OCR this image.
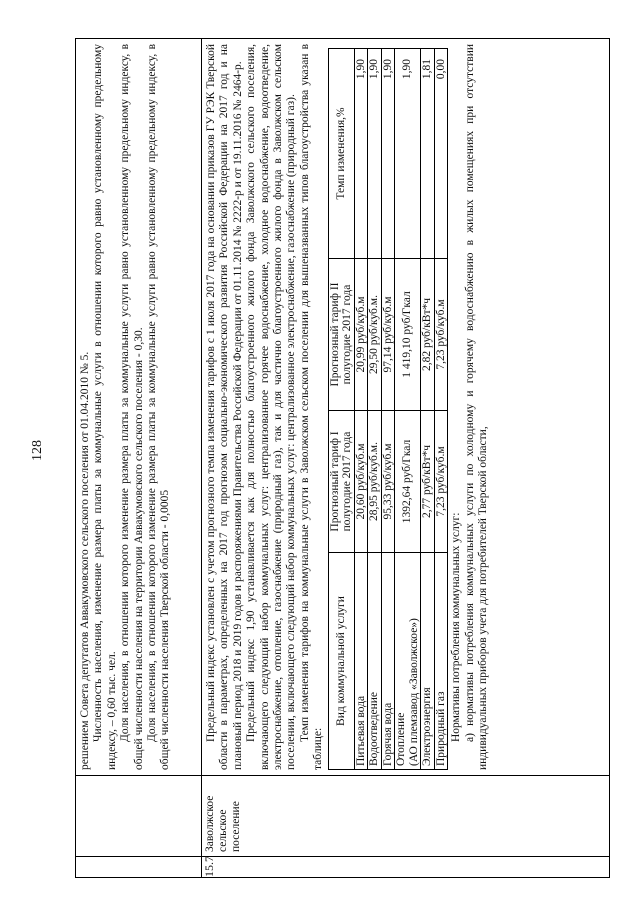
128
			решением Совета депутатов Аввакумовского сельского поселения от 01.04.2010 № 5. Численность населения, изменение размера платы за коммунальные услуги в отношении которого равно установленному предельному индексу, – 0,60 тыс. чел. Доля населения, в отношении которого изменение размера платы за коммунальные услуги равно установленному предельному индексу, в общей численности населения на территории Аввакумовского сельского поселения - 0,30. Доля населения, в отношении которого изменение размера платы за коммунальные услуги равно установленному предельному индексу, в общей численности населения Тверской области - 0,0005

15.7	Заволжское сельское поселение	

Предельный индекс установлен с учетом прогнозного темпа изменения тарифов с 1 июля 2017 года на основании приказов ГУ РЭК Тверской области в параметрах, определенных на 2017 год прогнозом социально-экономического развития Российской Федерации на 2017 год и на плановый период 2018 и 2019 годов и распоряжениями Правительства Российской Федерации от 01.11.2014 № 2222-р и от 19.11.2016 № 2464-р. Предельный индекс 1,90 устанавливается как для полностью благоустроенного жилого фонда Заволжского сельского поселения, включающего следующий набор коммунальных услуг: централизованное горячее водоснабжение, холодное водоснабжение, водоотведение, электроснабжение, отопление, газоснабжение (природный газ), так и для частично благоустроенного жилого фонда в Заволжском сельском поселении, включающего следующий набор коммунальных услуг: централизованное электроснабжение, газоснабжение (природный газ). Темп изменения тарифов на коммунальные услуги в Заволжском сельском поселении для вышеназванных типов благоустройства указан в таблице:

Вид коммунальной услуги	Прогнозный тариф I полугодие 2017 года	Прогнозный тариф II полугодие 2017 года	Темп изменения,%
Питьевая вода	20,60 руб/куб.м	20,99 руб/куб.м	1,90
Водоотведение	28,95 руб/куб.м.	29,50 руб/куб.м.	1,90
Горячая вода	95,33 руб/куб.м	97,14 руб/куб.м	1,90
Отопление
(АО племзавод «Заволжское»)	1392,64 руб/Гкал	1 419,10 руб/Гкал	1,90
Электроэнергия	2,77 руб/кВт*ч	2,82 руб/кВт*ч	1,81
Природный газ	7,23 руб/куб.м	7,23 руб/куб.м	0,00

Нормативы потребления коммунальных услуг: а) нормативы потребления коммунальных услуги по холодному и горячему водоснабжению в жилых помещениях при отсутствии индивидуальных приборов учета для потребителей Тверской области,
